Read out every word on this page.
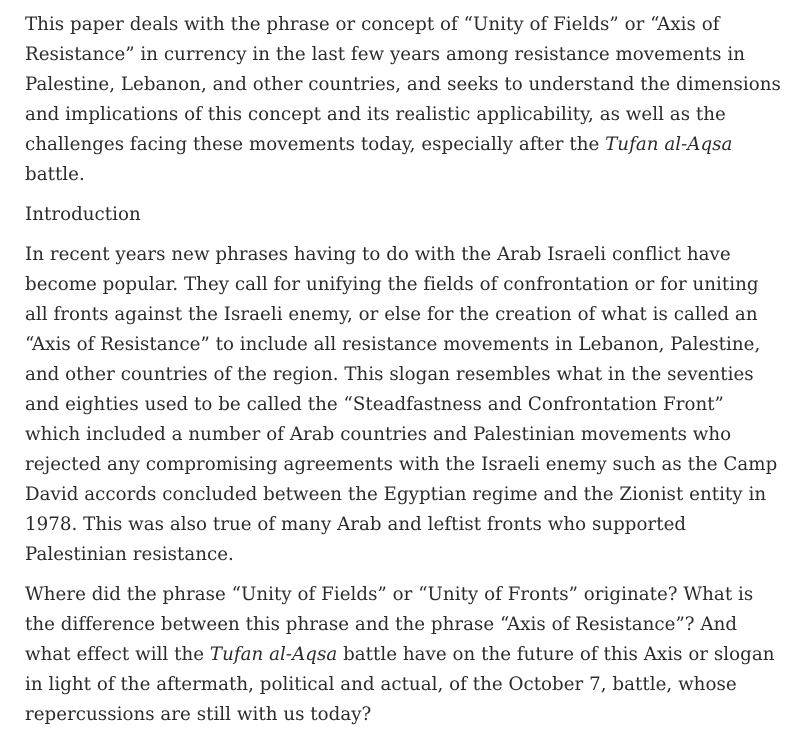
This paper deals with the phrase or concept of “Unity of Fields” or “Axis of Resistance” in currency in the last few years among resistance movements in Palestine, Lebanon, and other countries, and seeks to understand the dimensions and implications of this concept and its realistic applicability, as well as the challenges facing these movements today, especially after the Tufan al-Aqsa battle.

Introduction

In recent years new phrases having to do with the Arab Israeli conflict have become popular. They call for unifying the fields of confrontation or for uniting all fronts against the Israeli enemy, or else for the creation of what is called an “Axis of Resistance” to include all resistance movements in Lebanon, Palestine, and other countries of the region. This slogan resembles what in the seventies and eighties used to be called the “Steadfastness and Confrontation Front” which included a number of Arab countries and Palestinian movements who rejected any compromising agreements with the Israeli enemy such as the Camp David accords concluded between the Egyptian regime and the Zionist entity in 1978. This was also true of many Arab and leftist fronts who supported Palestinian resistance.

Where did the phrase “Unity of Fields” or “Unity of Fronts” originate? What is the difference between this phrase and the phrase “Axis of Resistance”? And what effect will the Tufan al-Aqsa battle have on the future of this Axis or slogan in light of the aftermath, political and actual, of the October 7, battle, whose repercussions are still with us today?
